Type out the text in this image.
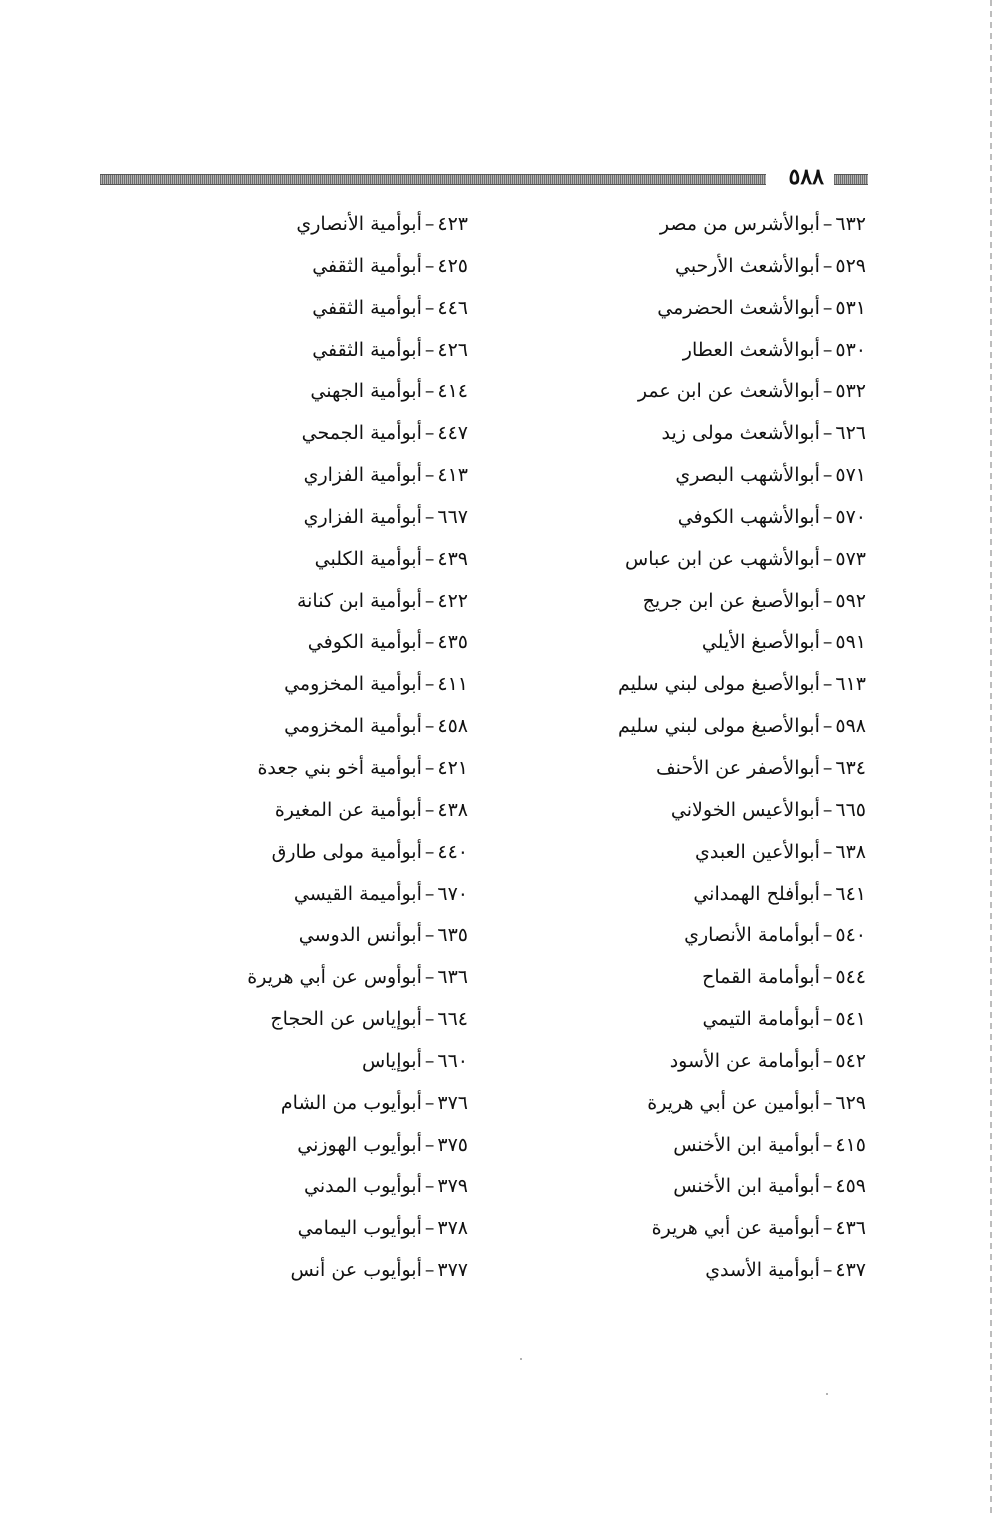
٥٨٨
٦٣٢–أبوالأشرس من مصر
٥٢٩–أبوالأشعث الأرحبي
٥٣١–أبوالأشعث الحضرمي
٥٣٠–أبوالأشعث العطار
٥٣٢–أبوالأشعث عن ابن عمر
٦٢٦–أبوالأشعث مولى زيد
٥٧١–أبوالأشهب البصري
٥٧٠–أبوالأشهب الكوفي
٥٧٣–أبوالأشهب عن ابن عباس
٥٩٢–أبوالأصبغ عن ابن جريج
٥٩١–أبوالأصبغ الأيلي
٦١٣–أبوالأصبغ مولى لبني سليم
٥٩٨–أبوالأصبغ مولى لبني سليم
٦٣٤–أبوالأصفر عن الأحنف
٦٦٥–أبوالأعيس الخولاني
٦٣٨–أبوالأعين العبدي
٦٤١–أبوأفلح الهمداني
٥٤٠–أبوأمامة الأنصاري
٥٤٤–أبوأمامة القماح
٥٤١–أبوأمامة التيمي
٥٤٢–أبوأمامة عن الأسود
٦٢٩–أبوأمين عن أبي هريرة
٤١٥–أبوأمية ابن الأخنس
٤٥٩–أبوأمية ابن الأخنس
٤٣٦–أبوأمية عن أبي هريرة
٤٣٧–أبوأمية الأسدي
٤٢٣–أبوأمية الأنصاري
٤٢٥–أبوأمية الثقفي
٤٤٦–أبوأمية الثقفي
٤٢٦–أبوأمية الثقفي
٤١٤–أبوأمية الجهني
٤٤٧–أبوأمية الجمحي
٤١٣–أبوأمية الفزاري
٦٦٧–أبوأمية الفزاري
٤٣٩–أبوأمية الكلبي
٤٢٢–أبوأمية ابن كنانة
٤٣٥–أبوأمية الكوفي
٤١١–أبوأمية المخزومي
٤٥٨–أبوأمية المخزومي
٤٢١–أبوأمية أخو بني جعدة
٤٣٨–أبوأمية عن المغيرة
٤٤٠–أبوأمية مولى طارق
٦٧٠–أبوأميمة القيسي
٦٣٥–أبوأنس الدوسي
٦٣٦–أبوأوس عن أبي هريرة
٦٦٤–أبوإياس عن الحجاج
٦٦٠–أبوإياس
٣٧٦–أبوأيوب من الشام
٣٧٥–أبوأيوب الهوزني
٣٧٩–أبوأيوب المدني
٣٧٨–أبوأيوب اليمامي
٣٧٧–أبوأيوب عن أنس
